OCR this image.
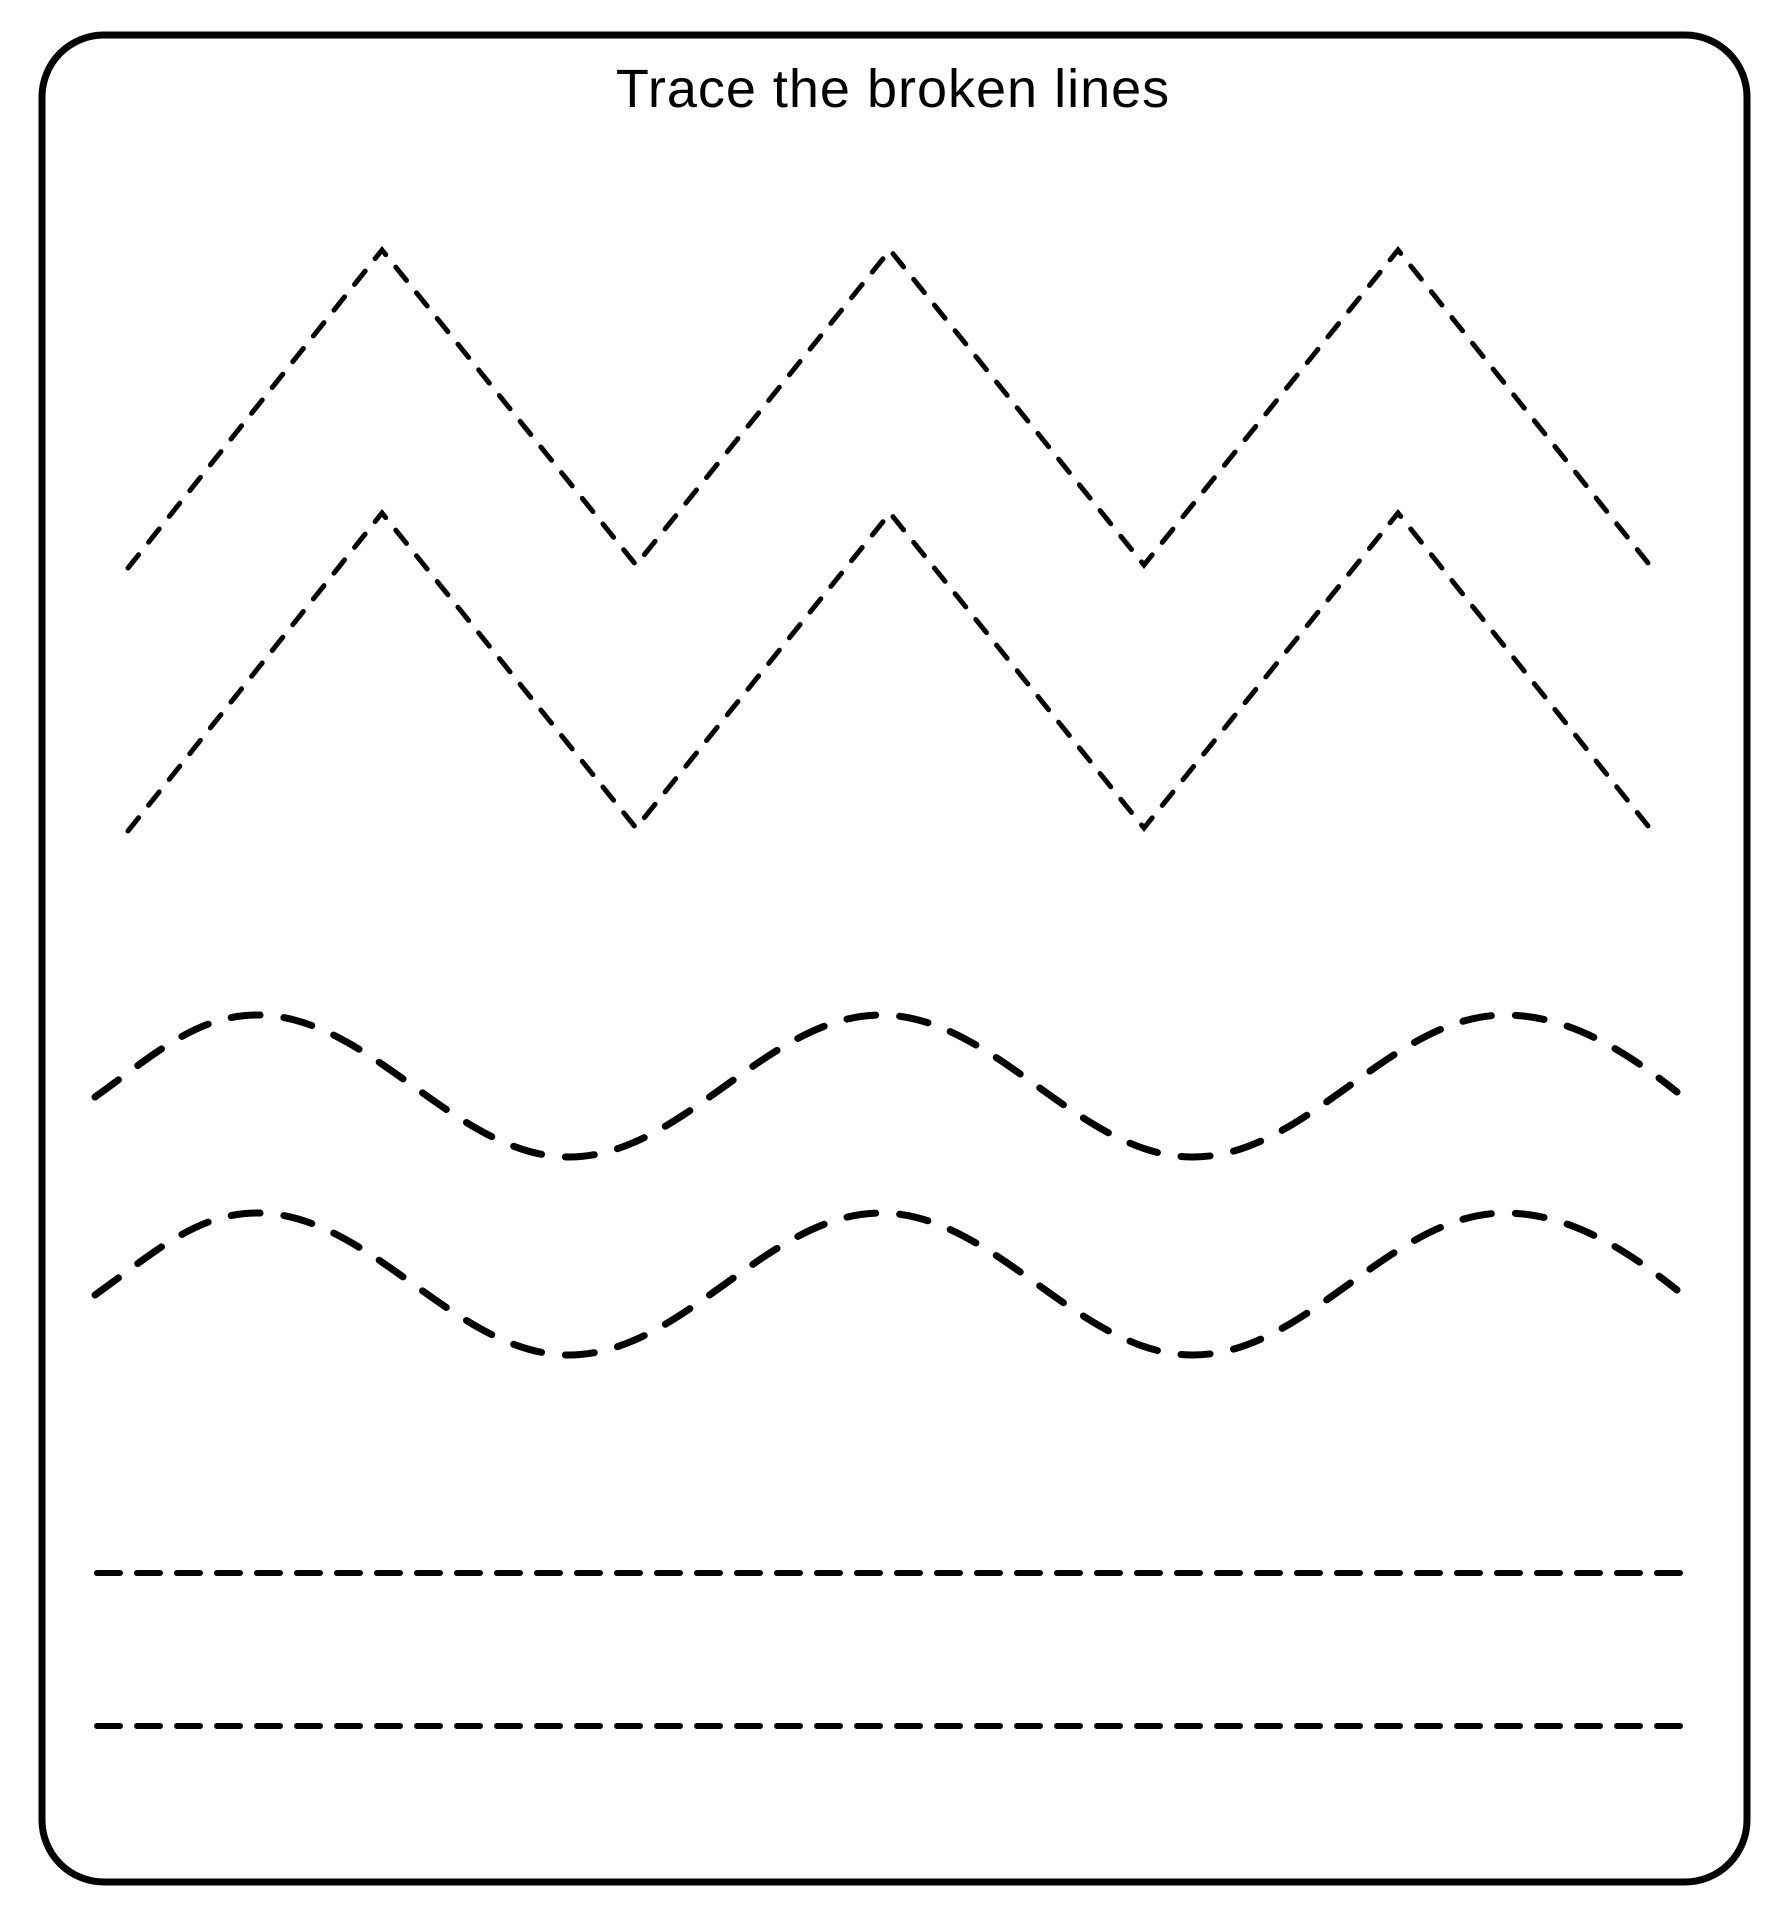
Trace the broken lines
